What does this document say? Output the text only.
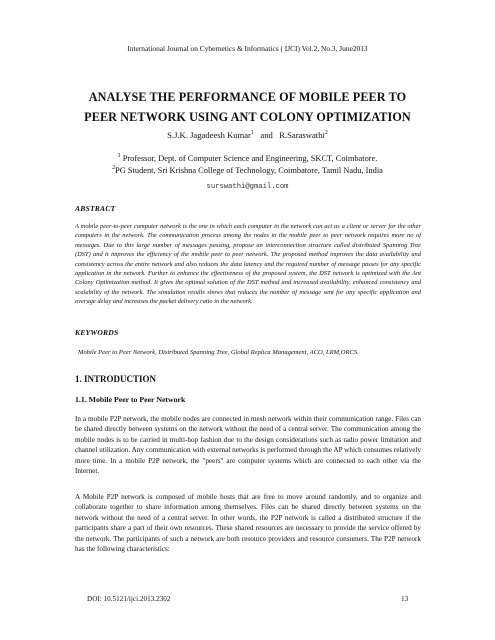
International Journal on Cybernetics & Informatics ( IJCI) Vol.2, No.3, June2013
ANALYSE THE PERFORMANCE OF MOBILE PEER TO
PEER NETWORK USING ANT COLONY OPTIMIZATION
S.J.K. Jagadeesh Kumar$^1$ and R.Saraswathi$^2$
$^1$ Professor, Dept. of Computer Science and Engineering, SKCT, Coimbatore.
$^2$PG Student, Sri Krishna College of Technology, Coimbatore, Tamil Nadu, India
surswathi@gmail.com
ABSTRACT
A mobile peer-to-peer computer network is the one in which each computer in the network can act as a client or server for the other computers in the network. The communication process among the nodes in the mobile peer to peer network requires more no of messages. Due to this large number of messages passing, propose an interconnection structure called distributed Spanning Tree (DST) and it improves the efficiency of the mobile peer to peer network. The proposed method improves the data availability and consistency across the entire network and also reduces the data latency and the required number of message passes for any specific application in the network. Further to enhance the effectiveness of the proposed system, the DST network is optimized with the Ant Colony Optimization method. It gives the optimal solution of the DST method and increased availability, enhanced consistency and scalability of the network. The simulation results shows that reduces the number of message sent for any specific application and average delay and increases the packet delivery ratio in the network.
KEYWORDS
Mobile Peer to Peer Network, Distributed Spanning Tree, Global Replica Management, ACO, LRM,ORCS.
1. INTRODUCTION
1.1. Mobile Peer to Peer Network
In a mobile P2P network, the mobile nodes are connected in mesh network within their communication range. Files can be shared directly between systems on the network without the need of a central server. The communication among the mobile nodes is to be carried in multi-hop fashion due to the design considerations such as radio power limitation and channel utilization. Any communication with external networks is performed through the AP which consumes relatively more time. In a mobile P2P network, the "peers" are computer systems which are connected to each other via the Internet.
A Mobile P2P network is composed of mobile hosts that are free to move around randomly, and to organize and collaborate together to share information among themselves. Files can be shared directly between systems on the network without the need of a central server. In other words, the P2P network is called a distributed structure if the participants share a part of their own resources. These shared resources are necessary to provide the service offered by the network. The participants of such a network are both resource providers and resource consumers. The P2P network has the following characteristics:
DOI: 10.5121/ijci.2013.2302	13
